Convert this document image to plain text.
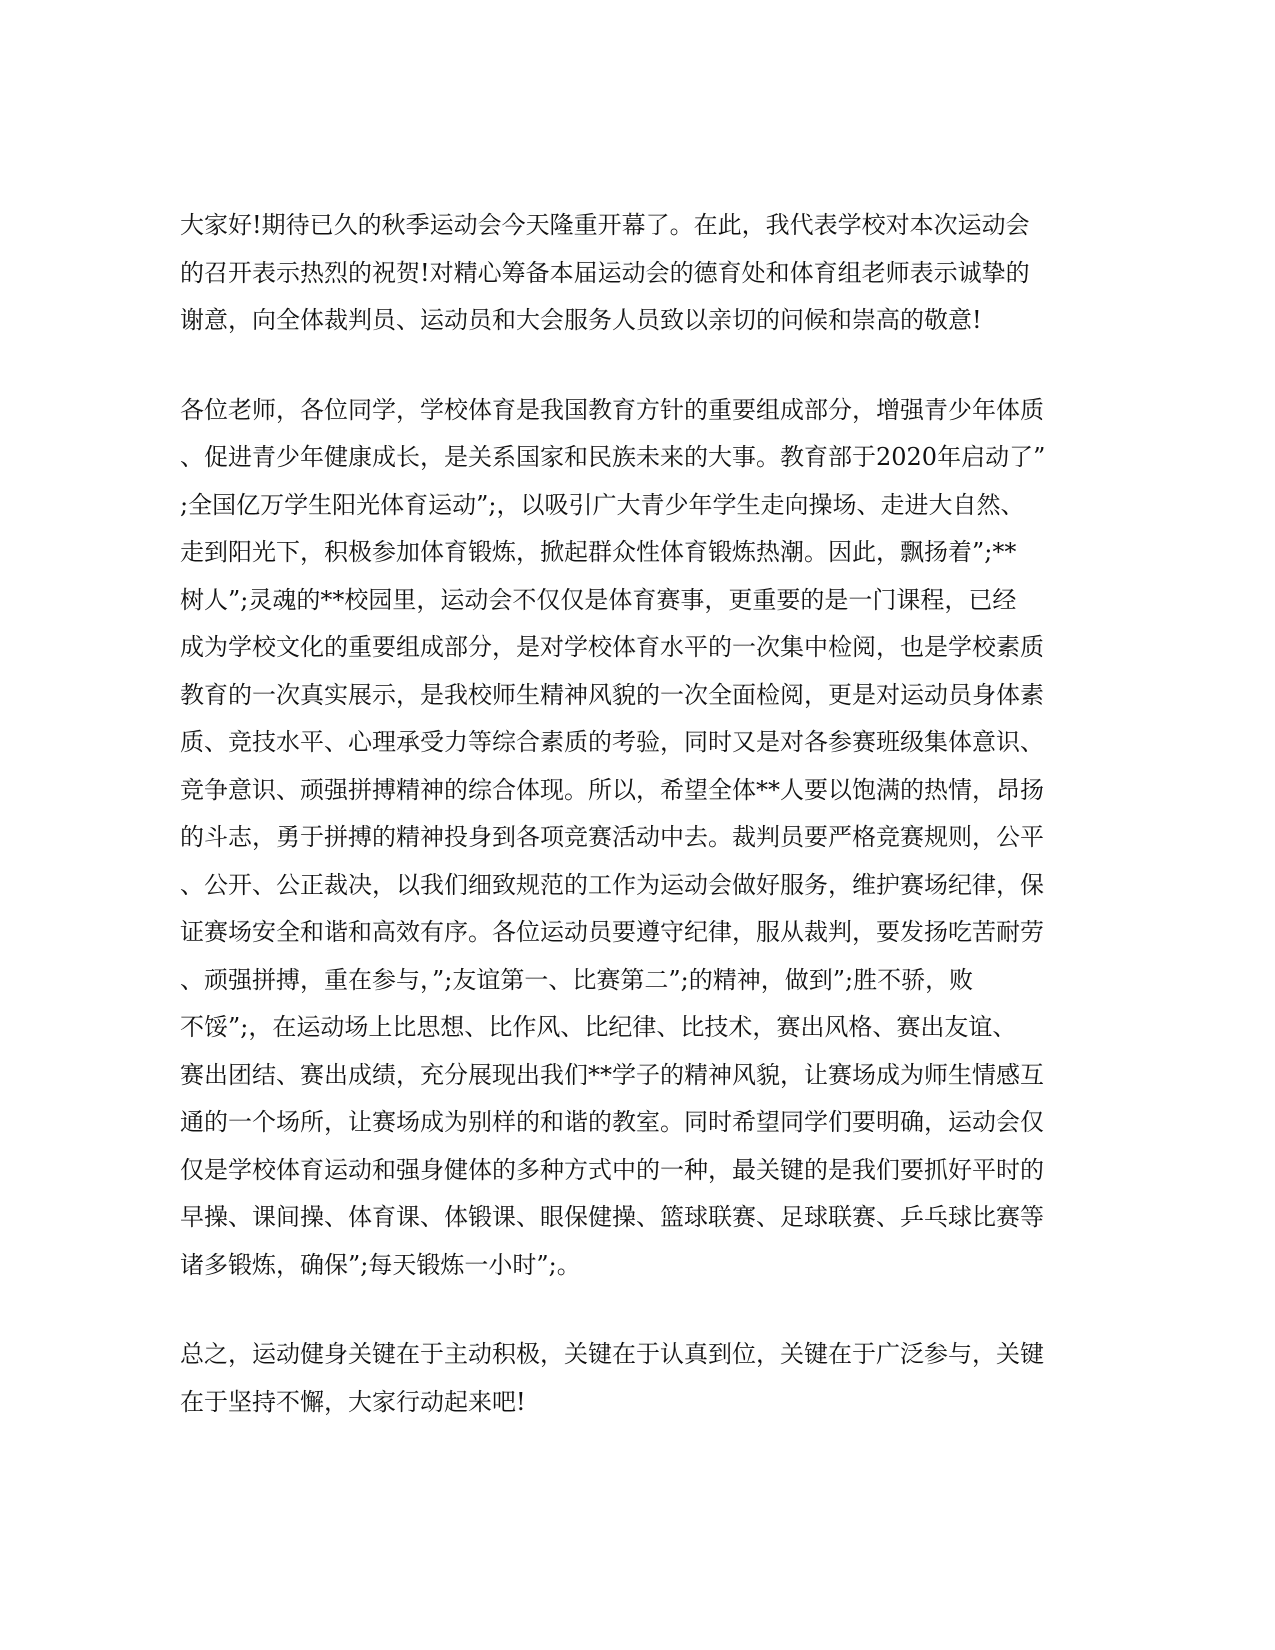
大家好!期待已久的秋季运动会今天隆重开幕了。在此，我代表学校对本次运动会
的召开表示热烈的祝贺!对精心筹备本届运动会的德育处和体育组老师表示诚挚的
谢意，向全体裁判员、运动员和大会服务人员致以亲切的问候和崇高的敬意!
各位老师，各位同学，学校体育是我国教育方针的重要组成部分，增强青少年体质
、促进青少年健康成长，是关系国家和民族未来的大事。教育部于2020年启动了”
;全国亿万学生阳光体育运动”;，以吸引广大青少年学生走向操场、走进大自然、
走到阳光下，积极参加体育锻炼，掀起群众性体育锻炼热潮。因此，飘扬着”;**
树人”;灵魂的**校园里，运动会不仅仅是体育赛事，更重要的是一门课程，已经
成为学校文化的重要组成部分，是对学校体育水平的一次集中检阅，也是学校素质
教育的一次真实展示，是我校师生精神风貌的一次全面检阅，更是对运动员身体素
质、竞技水平、心理承受力等综合素质的考验，同时又是对各参赛班级集体意识、
竞争意识、顽强拼搏精神的综合体现。所以，希望全体**人要以饱满的热情，昂扬
的斗志，勇于拼搏的精神投身到各项竞赛活动中去。裁判员要严格竞赛规则，公平
、公开、公正裁决，以我们细致规范的工作为运动会做好服务，维护赛场纪律，保
证赛场安全和谐和高效有序。各位运动员要遵守纪律，服从裁判，要发扬吃苦耐劳
、顽强拼搏，重在参与，”;友谊第一、比赛第二”;的精神，做到”;胜不骄，败
不馁”;，在运动场上比思想、比作风、比纪律、比技术，赛出风格、赛出友谊、
赛出团结、赛出成绩，充分展现出我们**学子的精神风貌，让赛场成为师生情感互
通的一个场所，让赛场成为别样的和谐的教室。同时希望同学们要明确，运动会仅
仅是学校体育运动和强身健体的多种方式中的一种，最关键的是我们要抓好平时的
早操、课间操、体育课、体锻课、眼保健操、篮球联赛、足球联赛、乒乓球比赛等
诸多锻炼，确保”;每天锻炼一小时”;。
总之，运动健身关键在于主动积极，关键在于认真到位，关键在于广泛参与，关键
在于坚持不懈，大家行动起来吧!
